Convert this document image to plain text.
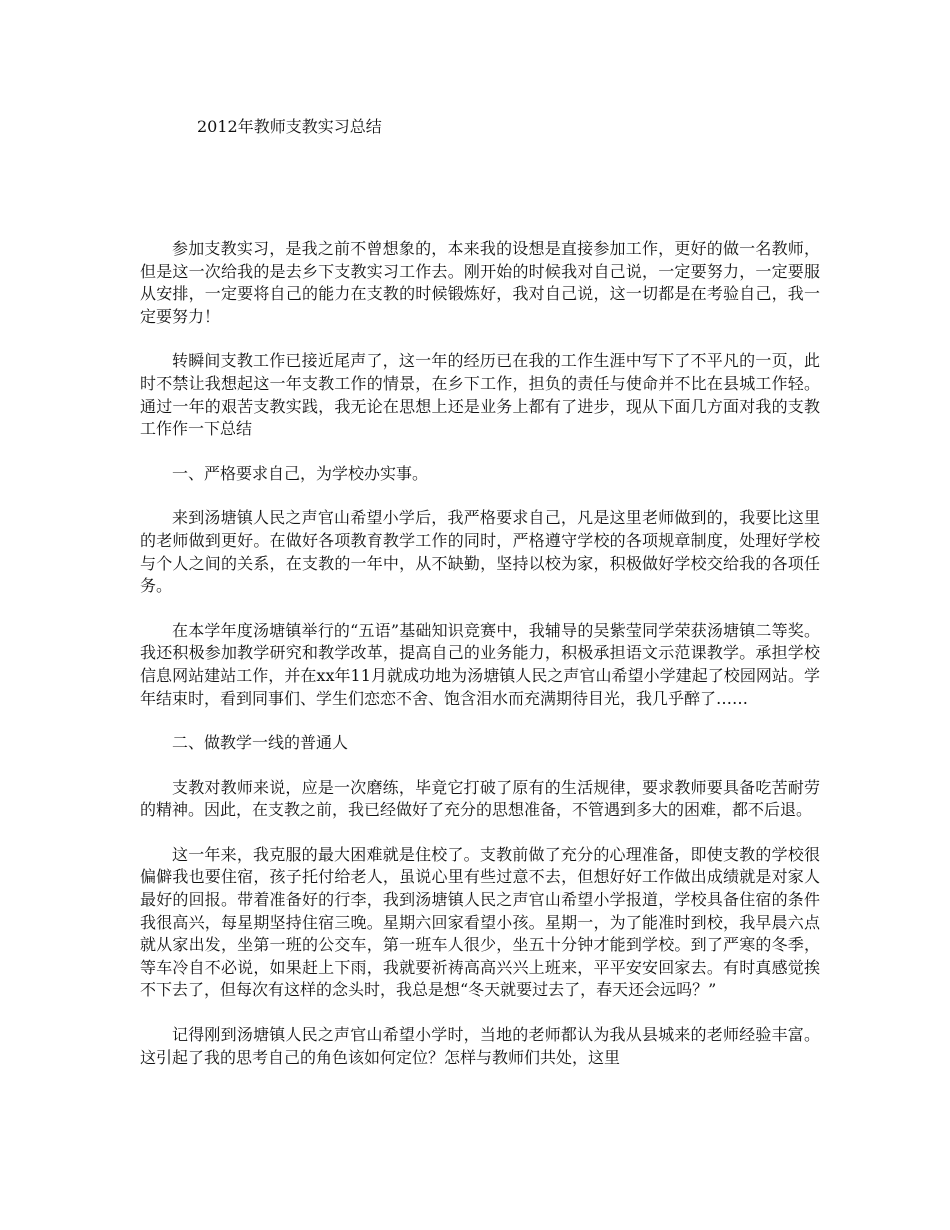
2012年教师支教实习总结

参加支教实习，是我之前不曾想象的，本来我的设想是直接参加工作，更好的做一名教师，但是这一次给我的是去乡下支教实习工作去。刚开始的时候我对自己说，一定要努力，一定要服从安排，一定要将自己的能力在支教的时候锻炼好，我对自己说，这一切都是在考验自己，我一定要努力！

转瞬间支教工作已接近尾声了，这一年的经历已在我的工作生涯中写下了不平凡的一页，此时不禁让我想起这一年支教工作的情景，在乡下工作，担负的责任与使命并不比在县城工作轻。通过一年的艰苦支教实践，我无论在思想上还是业务上都有了进步，现从下面几方面对我的支教工作作一下总结

一、严格要求自己，为学校办实事。

来到汤塘镇人民之声官山希望小学后，我严格要求自己，凡是这里老师做到的，我要比这里的老师做到更好。在做好各项教育教学工作的同时，严格遵守学校的各项规章制度，处理好学校与个人之间的关系，在支教的一年中，从不缺勤，坚持以校为家，积极做好学校交给我的各项任务。

在本学年度汤塘镇举行的“五语”基础知识竞赛中，我辅导的吴紫莹同学荣获汤塘镇二等奖。我还积极参加教学研究和教学改革，提高自己的业务能力，积极承担语文示范课教学。承担学校信息网站建站工作，并在xx年11月就成功地为汤塘镇人民之声官山希望小学建起了校园网站。学年结束时，看到同事们、学生们恋恋不舍、饱含泪水而充满期待目光，我几乎醉了……

二、做教学一线的普通人

支教对教师来说，应是一次磨练，毕竟它打破了原有的生活规律，要求教师要具备吃苦耐劳的精神。因此，在支教之前，我已经做好了充分的思想准备，不管遇到多大的困难，都不后退。

这一年来，我克服的最大困难就是住校了。支教前做了充分的心理准备，即使支教的学校很偏僻我也要住宿，孩子托付给老人，虽说心里有些过意不去，但想好好工作做出成绩就是对家人最好的回报。带着准备好的行李，我到汤塘镇人民之声官山希望小学报道，学校具备住宿的条件我很高兴，每星期坚持住宿三晚。星期六回家看望小孩。星期一，为了能准时到校，我早晨六点就从家出发，坐第一班的公交车，第一班车人很少，坐五十分钟才能到学校。到了严寒的冬季，等车冷自不必说，如果赶上下雨，我就要祈祷高高兴兴上班来，平平安安回家去。有时真感觉挨不下去了，但每次有这样的念头时，我总是想“冬天就要过去了，春天还会远吗？”

记得刚到汤塘镇人民之声官山希望小学时，当地的老师都认为我从县城来的老师经验丰富。这引起了我的思考自己的角色该如何定位？怎样与教师们共处，这里
